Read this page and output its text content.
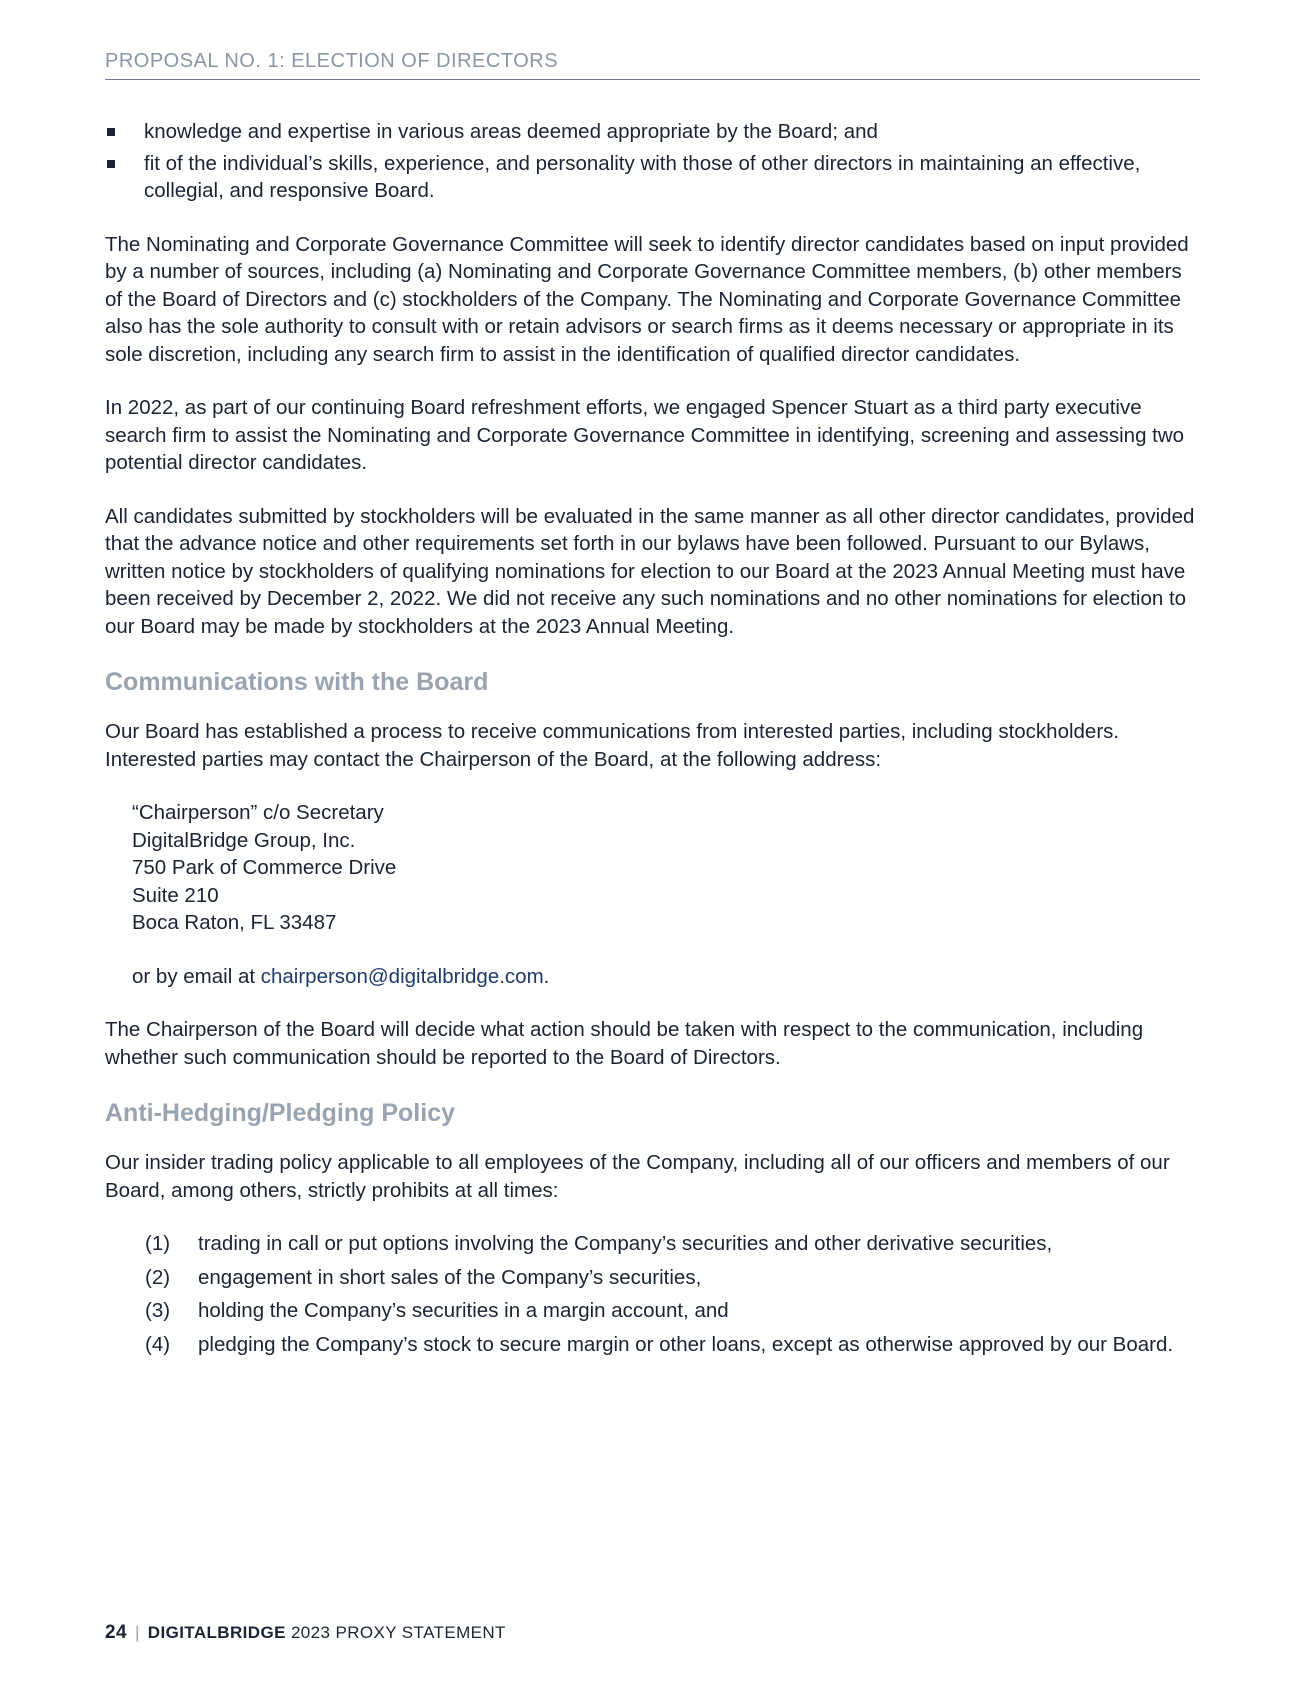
PROPOSAL NO. 1: ELECTION OF DIRECTORS
knowledge and expertise in various areas deemed appropriate by the Board; and
fit of the individual’s skills, experience, and personality with those of other directors in maintaining an effective, collegial, and responsive Board.

The Nominating and Corporate Governance Committee will seek to identify director candidates based on input provided by a number of sources, including (a) Nominating and Corporate Governance Committee members, (b) other members of the Board of Directors and (c) stockholders of the Company. The Nominating and Corporate Governance Committee also has the sole authority to consult with or retain advisors or search firms as it deems necessary or appropriate in its sole discretion, including any search firm to assist in the identification of qualified director candidates.

In 2022, as part of our continuing Board refreshment efforts, we engaged Spencer Stuart as a third party executive search firm to assist the Nominating and Corporate Governance Committee in identifying, screening and assessing two potential director candidates.

All candidates submitted by stockholders will be evaluated in the same manner as all other director candidates, provided that the advance notice and other requirements set forth in our bylaws have been followed. Pursuant to our Bylaws, written notice by stockholders of qualifying nominations for election to our Board at the 2023 Annual Meeting must have been received by December 2, 2022. We did not receive any such nominations and no other nominations for election to our Board may be made by stockholders at the 2023 Annual Meeting.

Communications with the Board

Our Board has established a process to receive communications from interested parties, including stockholders. Interested parties may contact the Chairperson of the Board, at the following address:

“Chairperson” c/o Secretary
DigitalBridge Group, Inc.
750 Park of Commerce Drive
Suite 210
Boca Raton, FL 33487
or by email at chairperson@digitalbridge.com.

The Chairperson of the Board will decide what action should be taken with respect to the communication, including whether such communication should be reported to the Board of Directors.

Anti-Hedging/Pledging Policy

Our insider trading policy applicable to all employees of the Company, including all of our officers and members of our Board, among others, strictly prohibits at all times:

(1) trading in call or put options involving the Company’s securities and other derivative securities,
(2) engagement in short sales of the Company’s securities,
(3) holding the Company’s securities in a margin account, and
(4) pledging the Company’s stock to secure margin or other loans, except as otherwise approved by our Board.
24 | DIGITALBRIDGE 2023 PROXY STATEMENT
